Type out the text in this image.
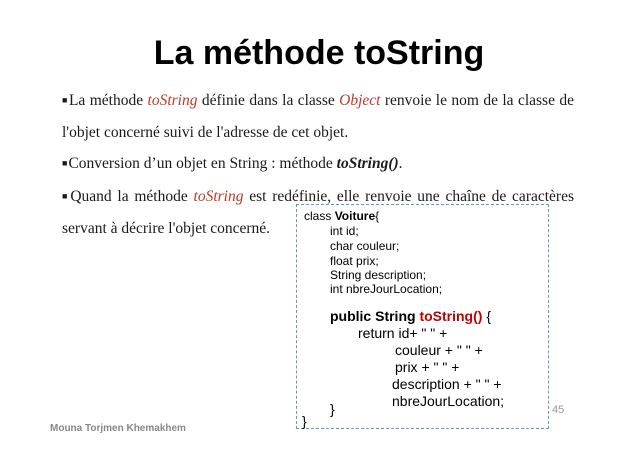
La méthode toString
■La méthode toString définie dans la classe Object renvoie le nom de la classe de
l'objet concerné suivi de l'adresse de cet objet.
■Conversion d’un objet en String : méthode toString().
■Quand la méthode toString est redéfinie, elle renvoie une chaîne de caractères
servant à décrire l'objet concerné.
class Voiture{
int id;
char couleur;
float prix;
String description;
int nbreJourLocation;
public String toString() {
return id+ " " +
couleur + " " +
prix + " " +
description + " " +
nbreJourLocation;
}
}
Mouna Torjmen Khemakhem
45
